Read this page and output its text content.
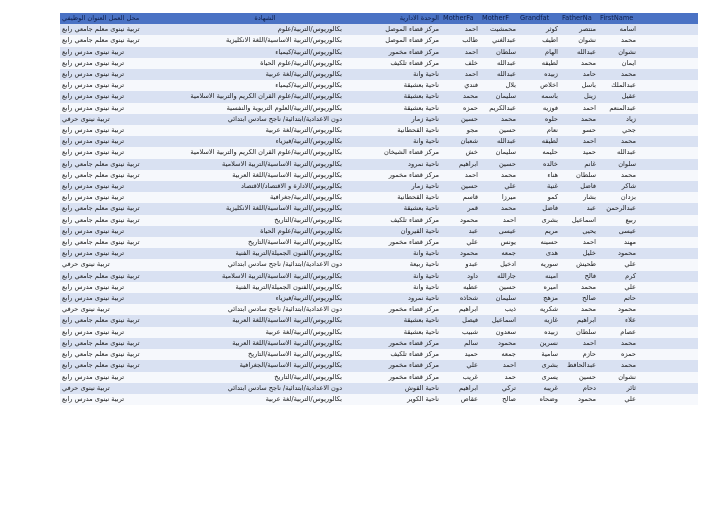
محل العمل العنوان الوظيفي	الشهادة	الوحدة الادارية	MotherFa	MotherF	Grandfat	FatherNa	FirstName	
تربية نينوى معلم جامعي رابع	بكالوريوس/التربية/علوم	مركز قضاء الموصل	احمد	محمشيت	كوثر	منتصر	اسامه	
تربية نينوى معلم جامعي رابع	بكالوريوس/التربية الاساسية/اللغة الانكليزية	مركز قضاء الموصل	طالب	عبدالغني	اطيف	نشوان	محمد	
تربية نينوى مدرس رابع	بكالوريوس/التربية/كيمياء	مركز قضاء مخمور	احمد	سلطان	الهام	عبدالله	نشوان	
تربية نينوى مدرس رابع	بكالوريوس/التربية/علوم الحياة	مركز قضاء تلكيف	خلف	عبدالله	لطيفه	محمد	ايمان	
تربية نينوى مدرس رابع	بكالوريوس/التربية/لغة عربية	ناحية وانة	احمد	عبدالله	زبيده	حامد	محمد	
تربية نينوى مدرس رابع	بكالوريوس/التربية/كيمياء	ناحية بعشيقة	فندي	بلال	اخلاص	باسل	عبدالملك	
تربية نينوى مدرس رابع	بكالوريوس/التربية/علوم القران الكريم والتربية الاسلامية	ناحية بعشيقة	محمد	سليمان	باسمه	زينل	عقيل	
تربية نينوى مدرس رابع	بكالوريوس/التربية/العلوم التربوية والنفسية	ناحية بعشيقة	حمزه	عبدالكريم	فوزيه	احمد	عبدالمنعم	
تربية نينوى حرفي	دون الاعدادية/ابتدائية/ ناجح سادس ابتدائي	ناحية زمار	حسين	محمد	حلوه	محمد	زياد	
تربية نينوى مدرس رابع	بكالوريوس/التربية/لغة عربية	ناحية القحطانية	مجو	حسين	نعام	حسو	جحي	
تربية نينوى مدرس رابع	بكالوريوس/التربية/فيزياء	ناحية وانة	شعبان	عبدالله	لطيفه	احمد	محمد	
تربية نينوى مدرس رابع	بكالوريوس/التربية/علوم القران الكريم والتربية الاسلامية	مركز قضاء الشيخان	خش	سليمان	حليمه	حميد	عبدالله	
تربية نينوى معلم جامعي رابع	بكالوريوس/التربية الاساسية/التربية الاسلامية	ناحية نمرود	ابراهيم	حسين	خالده	غانم	سلوان	
تربية نينوى معلم جامعي رابع	بكالوريوس/التربية الاساسية/اللغة العربية	مركز قضاء مخمور	احمد	محمد	هناء	سلطان	محمد	
تربية نينوى مدرس رابع	بكالوريوس/الادارة و الاقتصاد/الاقتصاد	ناحية زمار	حسين	علي	غنية	فاضل	شاكر	
تربية نينوى مدرس رابع	بكالوريوس/التربية/جغرافية	ناحية القحطانية	قاسم	ميرزا	كمو	بشار	بزدان	
تربية نينوى معلم جامعي رابع	بكالوريوس/التربية الاساسية/اللغة الانكليزية	ناحية بعشيقة	قمر	محمد	فاضل	عبد	عبدالرحمن	
تربية نينوى معلم جامعي رابع	بكالوريوس/التربية/التاريخ	مركز قضاء تلكيف	محمود	احمد	بشرى	اسماعيل	ربيع	
تربية نينوى مدرس رابع	بكالوريوس/التربية/علوم الحياة	ناحية القيروان	عبد	عيسى	مريم	يحيى	عيسى	
تربية نينوى معلم جامعي رابع	بكالوريوس/التربية الاساسية/التاريخ	مركز قضاء مخمور	علي	يونس	حسينه	احمد	مهند	
تربية نينوى مدرس رابع	بكالوريوس/الفنون الجميلة/التربية الفنية	ناحية وانة	محمود	جمعه	هدى	خليل	محمود	
تربية نينوى حرفي	دون الاعدادية/ابتدائية/ ناجح سادس ابتدائي	ناحية ربيعة	عبدو	ادخيل	سوريه	طحيش	علي	
تربية نينوى معلم جامعي رابع	بكالوريوس/التربية الاساسية/التربية الاسلامية	ناحية وانة	داود	جارالله	امينه	فالح	كرم	
تربية نينوى مدرس رابع	بكالوريوس/الفنون الجميلة/التربية الفنية	ناحية وانة	عطيه	حسين	اميره	محمد	علي	
تربية نينوى مدرس رابع	بكالوريوس/التربية/فيزياء	ناحية نمرود	شحاذه	سليمان	مزهج	صالح	حاتم	
تربية نينوى حرفي	دون الاعدادية/ابتدائية/ ناجح سادس ابتدائي	مركز قضاء مخمور	ابراهيم	ذيب	شكريه	محمد	محمود	
تربية نينوى معلم جامعي رابع	بكالوريوس/التربية الاساسية/اللغة العربية	ناحية بعشيقة	فيصل	اسماعيل	غازيه	ابراهيم	علاء	
تربية نينوى مدرس رابع	بكالوريوس/التربية/لغة عربية	ناحية بعشيقة	شبيب	سعدون	زبيده	سلطان	عصام	
تربية نينوى معلم جامعي رابع	بكالوريوس/التربية الاساسية/اللغة العربية	مركز قضاء مخمور	سالم	محمود	نسرين	احمد	محمد	
تربية نينوى معلم جامعي رابع	بكالوريوس/التربية الاساسية/التاريخ	مركز قضاء تلكيف	حميد	جمعه	سامية	حازم	حمزه	
تربية نينوى معلم جامعي رابع	بكالوريوس/التربية الاساسية/الجغرافية	مركز قضاء مخمور	علي	احمد	بشرى	عبدالحافظ	محمد	
تربية نينوى مدرس رابع	بكالوريوس/التربية/التاريخ	مركز قضاء مخمور	غريب	حمد	يسرى	حسين	نشوان	
تربية نينوى حرفي	دون الاعدادية/ابتدائية/ ناجح سادس ابتدائي	ناحية القوش	ابراهيم	تركي	غريبه	دحام	ثائر	
تربية نينوى مدرس رابع	بكالوريوس/التربية/لغة عربية	ناحية الكوير	عقاص	صالح	وضحاه	محمود	علي	
